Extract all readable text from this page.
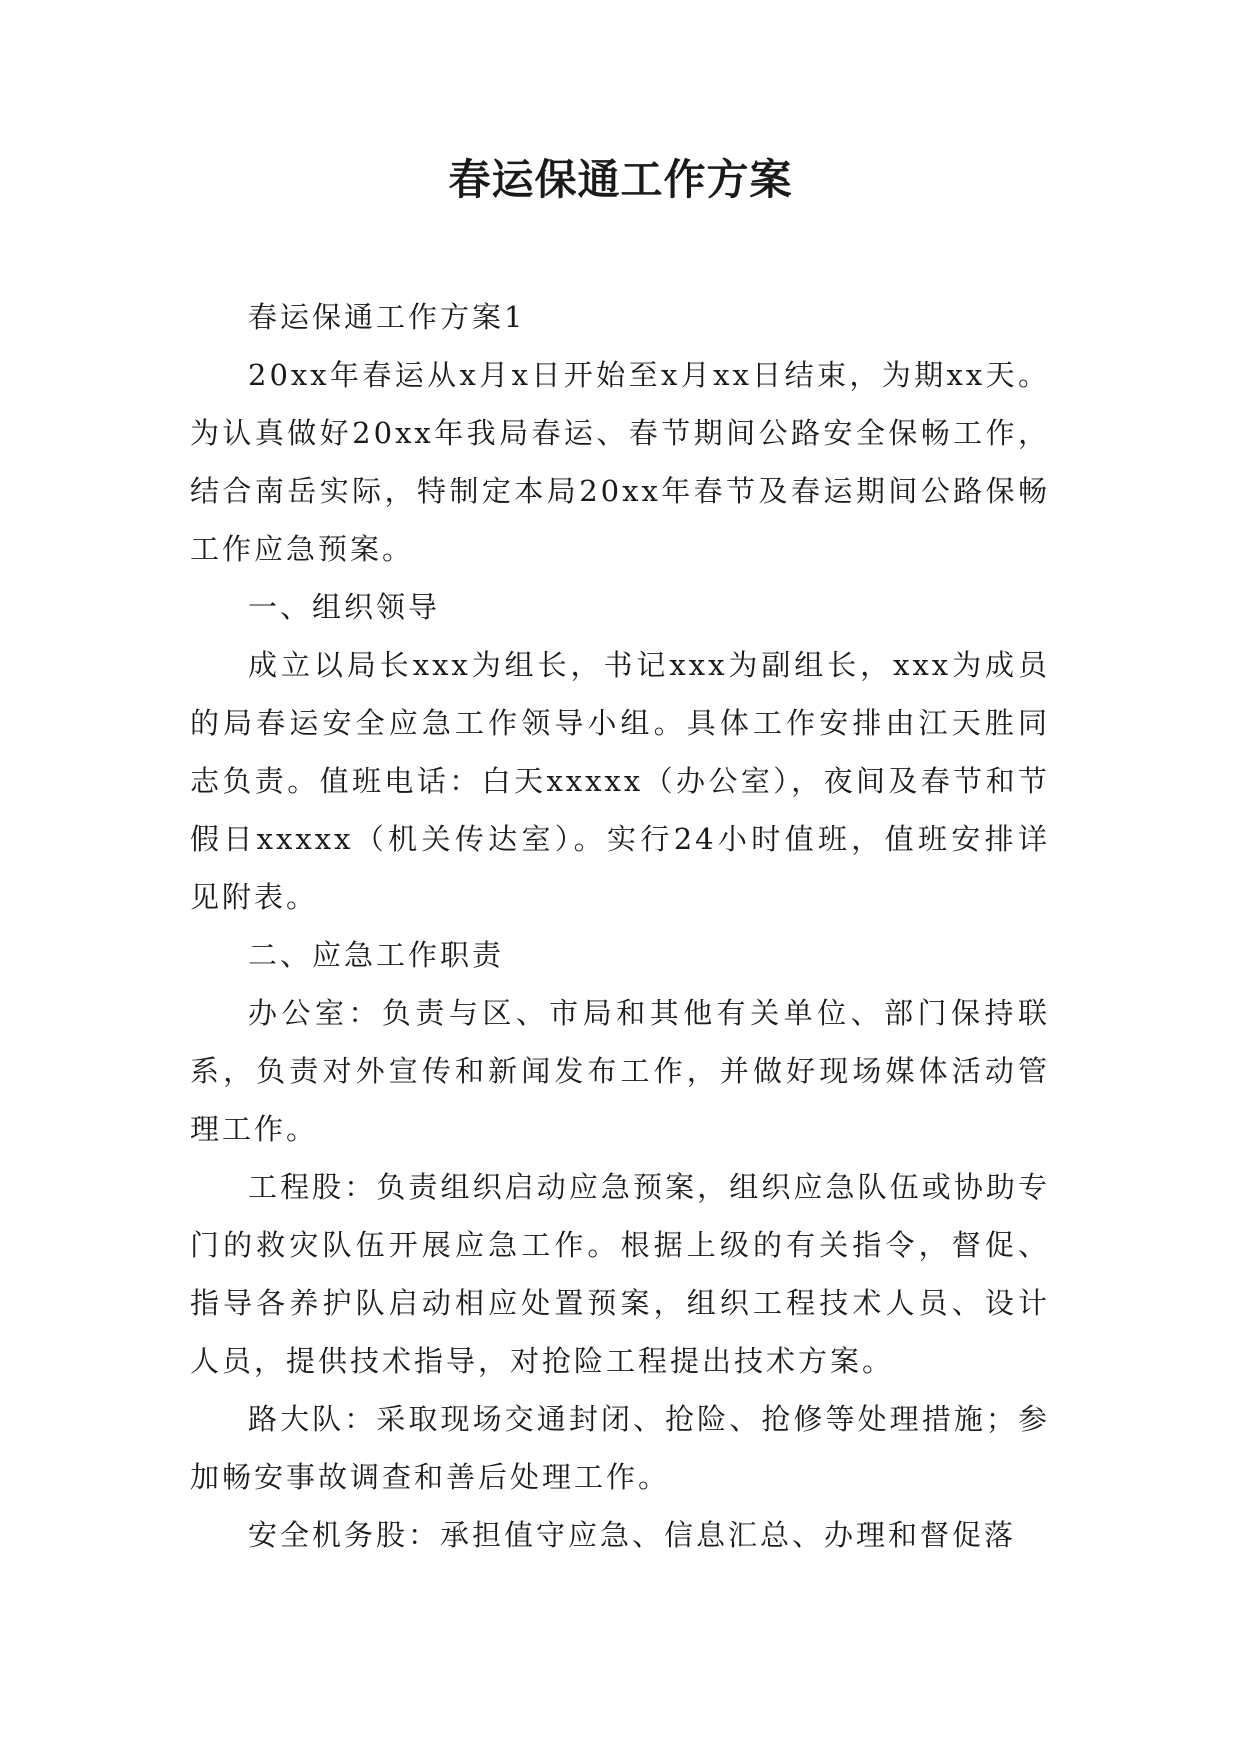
春运保通工作方案

春运保通工作方案1

20xx年春运从x月x日开始至x月xx日结束，为期xx天。为认真做好20xx年我局春运、春节期间公路安全保畅工作，结合南岳实际，特制定本局20xx年春节及春运期间公路保畅工作应急预案。

一、组织领导

成立以局长xxx为组长，书记xxx为副组长，xxx为成员的局春运安全应急工作领导小组。具体工作安排由江天胜同志负责。值班电话：白天xxxxx（办公室），夜间及春节和节假日xxxxx（机关传达室）。实行24小时值班，值班安排详见附表。

二、应急工作职责

办公室：负责与区、市局和其他有关单位、部门保持联系，负责对外宣传和新闻发布工作，并做好现场媒体活动管理工作。

工程股：负责组织启动应急预案，组织应急队伍或协助专门的救灾队伍开展应急工作。根据上级的有关指令，督促、指导各养护队启动相应处置预案，组织工程技术人员、设计人员，提供技术指导，对抢险工程提出技术方案。

路大队：采取现场交通封闭、抢险、抢修等处理措施；参加畅安事故调查和善后处理工作。

安全机务股：承担值守应急、信息汇总、办理和督促落
